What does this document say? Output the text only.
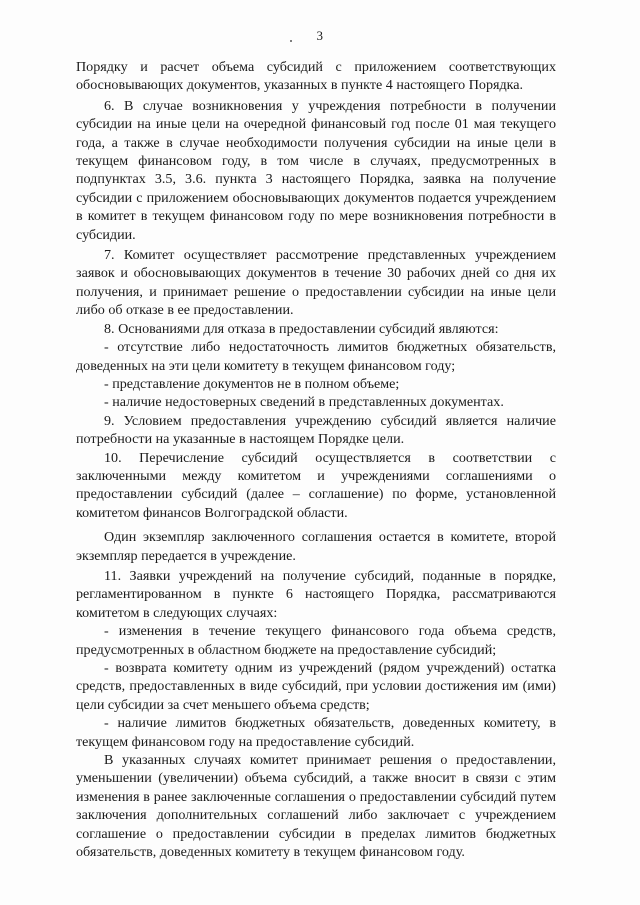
3

Порядку и расчет объема субсидий с приложением соответствующих обосновывающих документов, указанных в пункте 4 настоящего Порядка.

6. В случае возникновения у учреждения потребности в получении субсидии на иные цели на очередной финансовый год после 01 мая текущего года, а также в случае необходимости получения субсидии на иные цели в текущем финансовом году, в том числе в случаях, предусмотренных в подпунктах 3.5, 3.6. пункта 3 настоящего Порядка, заявка на получение субсидии с приложением обосновывающих документов подается учреждением в комитет в текущем финансовом году по мере возникновения потребности в субсидии.

7. Комитет осуществляет рассмотрение представленных учреждением заявок и обосновывающих документов в течение 30 рабочих дней со дня их получения, и принимает решение о предоставлении субсидии на иные цели либо об отказе в ее предоставлении.

8. Основаниями для отказа в предоставлении субсидий являются:

- отсутствие либо недостаточность лимитов бюджетных обязательств, доведенных на эти цели комитету в текущем финансовом году;

- представление документов не в полном объеме;

- наличие недостоверных сведений в представленных документах.

9. Условием предоставления учреждению субсидий является наличие потребности на указанные в настоящем Порядке цели.

10. Перечисление субсидий осуществляется в соответствии с заключенными между комитетом и учреждениями соглашениями о предоставлении субсидий (далее – соглашение) по форме, установленной комитетом финансов Волгоградской области.

Один экземпляр заключенного соглашения остается в комитете, второй экземпляр передается в учреждение.

11. Заявки учреждений на получение субсидий, поданные в порядке, регламентированном в пункте 6 настоящего Порядка, рассматриваются комитетом в следующих случаях:

- изменения в течение текущего финансового года объема средств, предусмотренных в областном бюджете на предоставление субсидий;

- возврата комитету одним из учреждений (рядом учреждений) остатка средств, предоставленных в виде субсидий, при условии достижения им (ими) цели субсидии за счет меньшего объема средств;

- наличие лимитов бюджетных обязательств, доведенных комитету, в текущем финансовом году на предоставление субсидий.

В указанных случаях комитет принимает решения о предоставлении, уменьшении (увеличении) объема субсидий, а также вносит в связи с этим изменения в ранее заключенные соглашения о предоставлении субсидий путем заключения дополнительных соглашений либо заключает с учреждением соглашение о предоставлении субсидии в пределах лимитов бюджетных обязательств, доведенных комитету в текущем финансовом году.
